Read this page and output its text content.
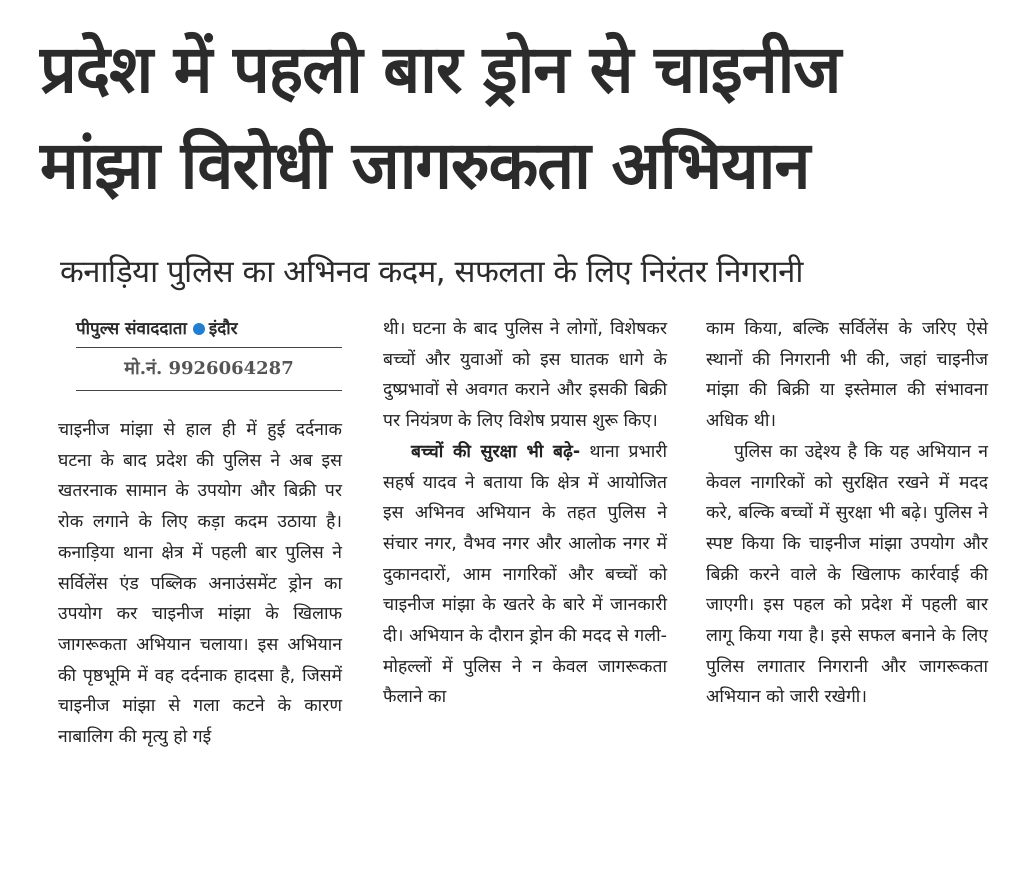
प्रदेश में पहली बार ड्रोन से चाइनीज मांझा विरोधी जागरुकता अभियान
कनाड़िया पुलिस का अभिनव कदम, सफलता के लिए निरंतर निगरानी
पीपुल्स संवाददाता इंदौर
मो.नं. 9926064287

चाइनीज मांझा से हाल ही में हुई दर्दनाक घटना के बाद प्रदेश की पुलिस ने अब इस खतरनाक सामान के उपयोग और बिक्री पर रोक लगाने के लिए कड़ा कदम उठाया है। कनाड़िया थाना क्षेत्र में पहली बार पुलिस ने सर्विलेंस एंड पब्लिक अनाउंसमेंट ड्रोन का उपयोग कर चाइनीज मांझा के खिलाफ जागरूकता अभियान चलाया। इस अभियान की पृष्ठभूमि में वह दर्दनाक हादसा है, जिसमें चाइनीज मांझा से गला कटने के कारण नाबालिग की मृत्यु हो गई

थी। घटना के बाद पुलिस ने लोगों, विशेषकर बच्चों और युवाओं को इस घातक धागे के दुष्प्रभावों से अवगत कराने और इसकी बिक्री पर नियंत्रण के लिए विशेष प्रयास शुरू किए।

बच्चों की सुरक्षा भी बढ़े- थाना प्रभारी सहर्ष यादव ने बताया कि क्षेत्र में आयोजित इस अभिनव अभियान के तहत पुलिस ने संचार नगर, वैभव नगर और आलोक नगर में दुकानदारों, आम नागरिकों और बच्चों को चाइनीज मांझा के खतरे के बारे में जानकारी दी। अभियान के दौरान ड्रोन की मदद से गली-मोहल्लों में पुलिस ने न केवल जागरूकता फैलाने का

काम किया, बल्कि सर्विलेंस के जरिए ऐसे स्थानों की निगरानी भी की, जहां चाइनीज मांझा की बिक्री या इस्तेमाल की संभावना अधिक थी।

पुलिस का उद्देश्य है कि यह अभियान न केवल नागरिकों को सुरक्षित रखने में मदद करे, बल्कि बच्चों में सुरक्षा भी बढ़े। पुलिस ने स्पष्ट किया कि चाइनीज मांझा उपयोग और बिक्री करने वाले के खिलाफ कार्रवाई की जाएगी। इस पहल को प्रदेश में पहली बार लागू किया गया है। इसे सफल बनाने के लिए पुलिस लगातार निगरानी और जागरूकता अभियान को जारी रखेगी।
